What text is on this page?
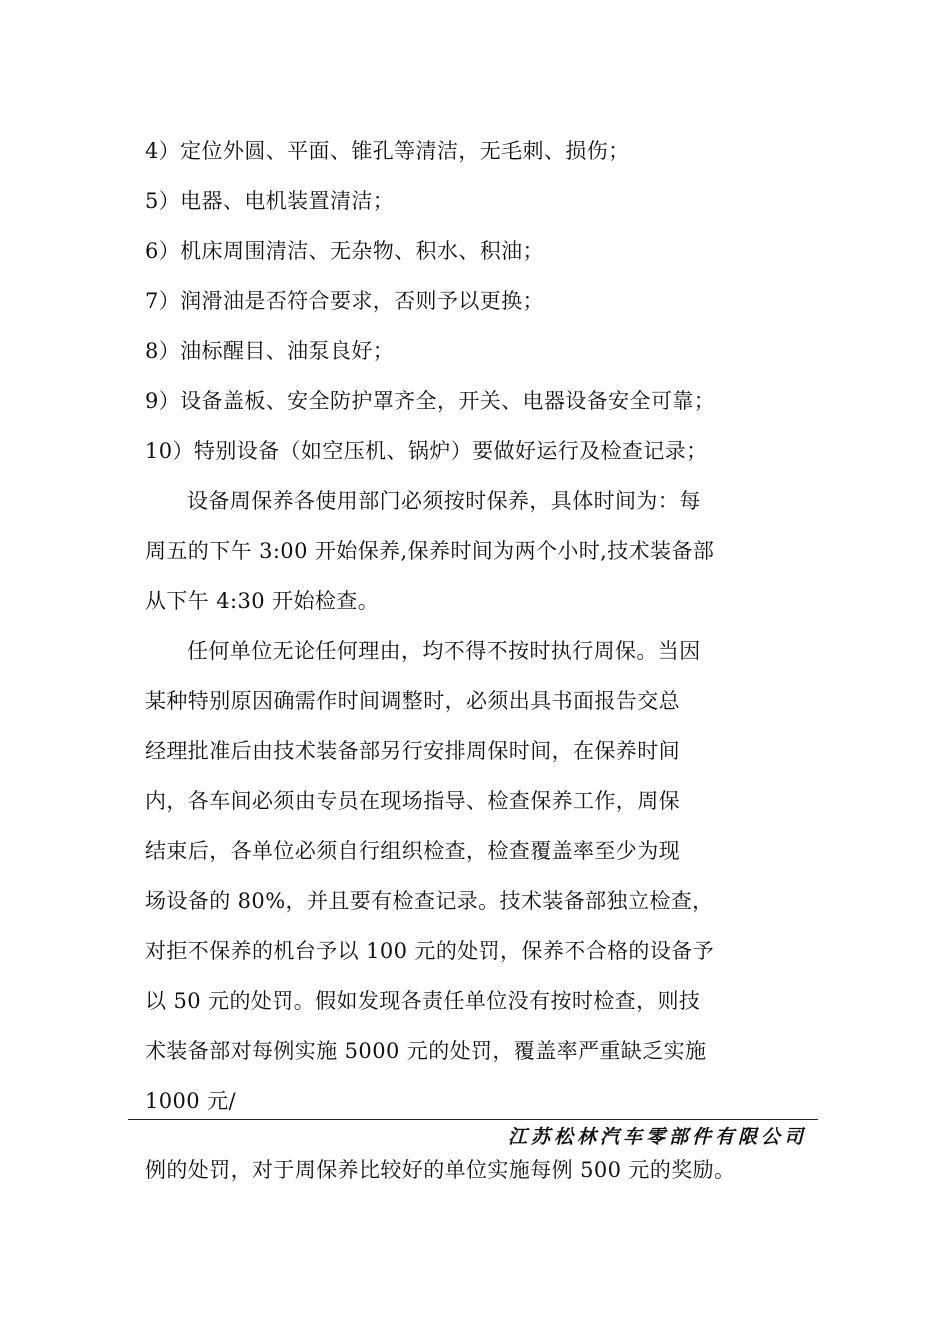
4）定位外圆、平面、锥孔等清洁，无毛刺、损伤；
5）电器、电机装置清洁；
6）机床周围清洁、无杂物、积水、积油；
7）润滑油是否符合要求，否则予以更换；
8）油标醒目、油泵良好；
9）设备盖板、安全防护罩齐全，开关、电器设备安全可靠；
10）特别设备（如空压机、锅炉）要做好运行及检查记录；
设备周保养各使用部门必须按时保养，具体时间为：每
周五的下午 3:00 开始保养,保养时间为两个小时,技术装备部
从下午 4:30 开始检查。
任何单位无论任何理由，均不得不按时执行周保。当因
某种特别原因确需作时间调整时，必须出具书面报告交总
经理批准后由技术装备部另行安排周保时间，在保养时间
内，各车间必须由专员在现场指导、检查保养工作，周保
结束后，各单位必须自行组织检查，检查覆盖率至少为现
场设备的 80%，并且要有检查记录。技术装备部独立检查，
对拒不保养的机台予以 100 元的处罚，保养不合格的设备予
以 50 元的处罚。假如发现各责任单位没有按时检查，则技
术装备部对每例实施 5000 元的处罚，覆盖率严重缺乏实施
1000 元/
江苏松林汽车零部件有限公司
例的处罚，对于周保养比较好的单位实施每例 500 元的奖励。
